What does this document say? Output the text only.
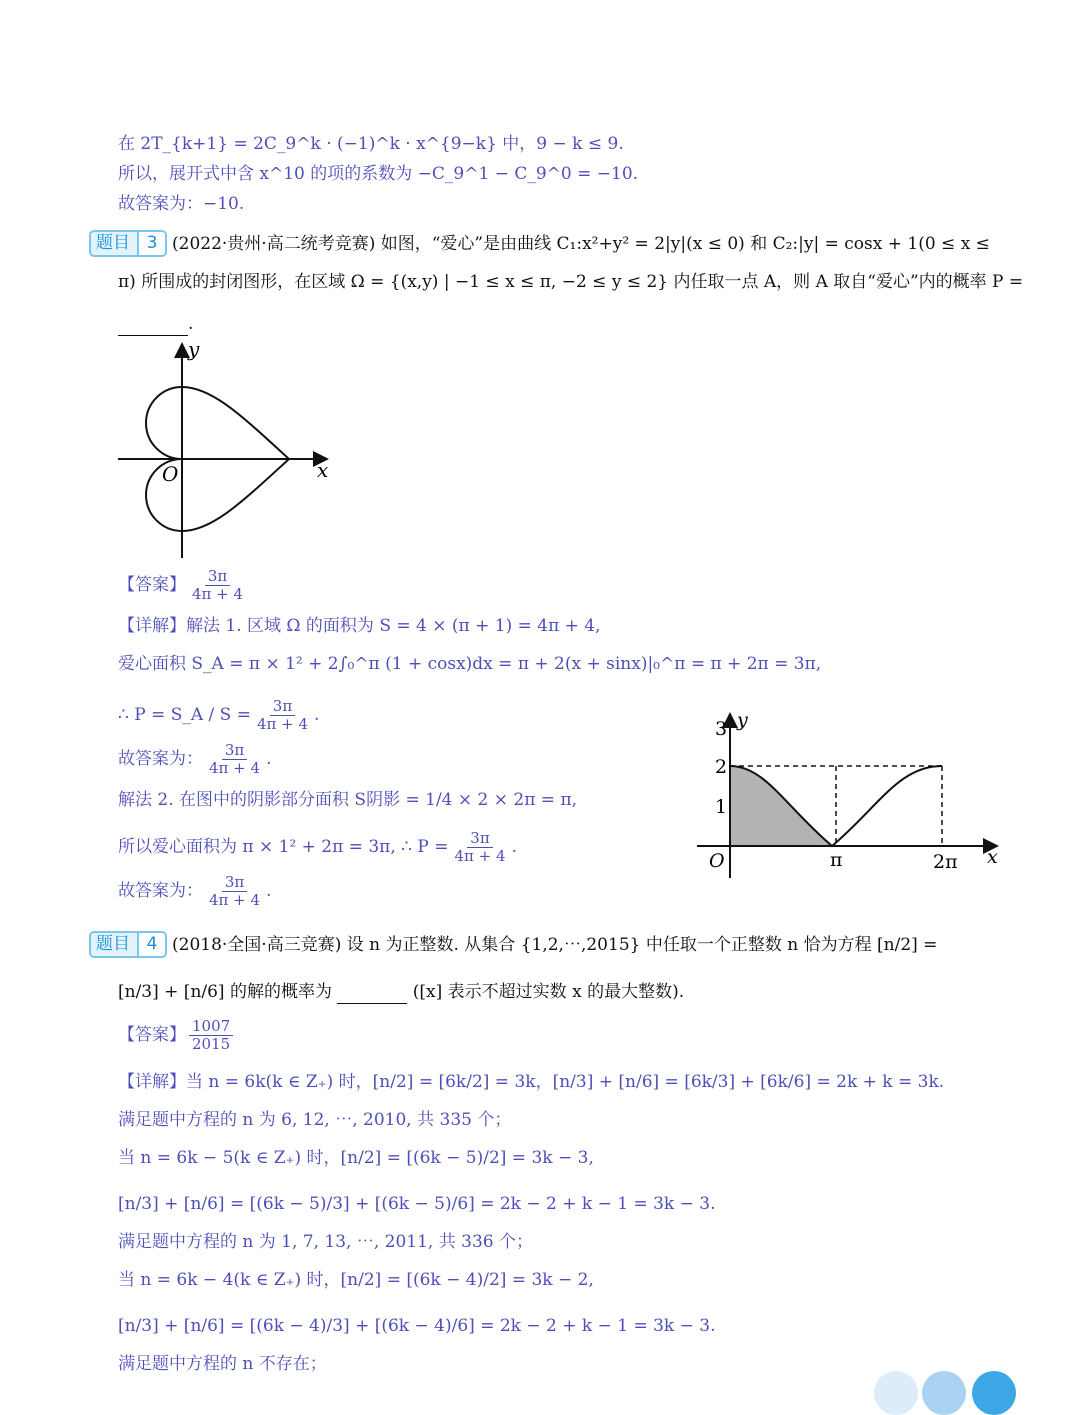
在 2T_{k+1} = 2C_9^k · (−1)^k · x^{9−k} 中，9 − k ≤ 9.
所以，展开式中含 x^10 的项的系数为 −C_9^1 − C_9^0 = −10.
故答案为：−10.
题目 3 (2022·贵州·高二统考竞赛) 如图，“爱心”是由曲线 C₁:x²+y² = 2|y|(x ≤ 0) 和 C₂:|y| = cosx + 1(0 ≤ x ≤
π) 所围成的封闭图形，在区域 Ω = {(x,y) | −1 ≤ x ≤ π, −2 ≤ y ≤ 2} 内任取一点 A，则 A 取自“爱心”内的概率 P =
.
y
x
O
【答案】 $\frac{3\pi}{4\pi + 4}$
【详解】解法 1. 区域 Ω 的面积为 S = 4 × (π + 1) = 4π + 4,
爱心面积 S_A = π × 1² + 2∫₀^π (1 + cosx)dx = π + 2(x + sinx)|₀^π = π + 2π = 3π,
∴ P = S_A / $S = \frac{3\pi}{4\pi + 4}$ .
故答案为： $\frac{3\pi}{4\pi + 4}$ .
解法 2. 在图中的阴影部分面积 S阴影 = 1/4 × 2 × 2π = π,
所以爱心面积为 π × 1² + 2π = 3π, ∴ $P = \frac{3\pi}{4\pi + 4}$ .
故答案为： $\frac{3\pi}{4\pi + 4}$ .
3
2
1
y
O	π	2π x
题目 4 (2018·全国·高三竞赛) 设 n 为正整数. 从集合 {1,2,⋯,2015} 中任取一个正整数 n 恰为方程 [n/2] =
[n/3] + [n/6] 的解的概率为	([x] 表示不超过实数 x 的最大整数).
【答案】 $\frac{1007}{2015}$
【详解】当 n = 6k(k ∈ Z₊) 时，[n/2] = [6k/2] = 3k，[n/3] + [n/6] = [6k/3] + [6k/6] = 2k + k = 3k.
满足题中方程的 n 为 6, 12, ⋯, 2010, 共 335 个；
当 n = 6k − 5(k ∈ Z₊) 时，[n/2] = [(6k − 5)/2] = 3k − 3,
[n/3] + [n/6] = [(6k − 5)/3] + [(6k − 5)/6] = 2k − 2 + k − 1 = 3k − 3.
满足题中方程的 n 为 1, 7, 13, ⋯, 2011, 共 336 个；
当 n = 6k − 4(k ∈ Z₊) 时，[n/2] = [(6k − 4)/2] = 3k − 2,
[n/3] + [n/6] = [(6k − 4)/3] + [(6k − 4)/6] = 2k − 2 + k − 1 = 3k − 3.
满足题中方程的 n 不存在；
